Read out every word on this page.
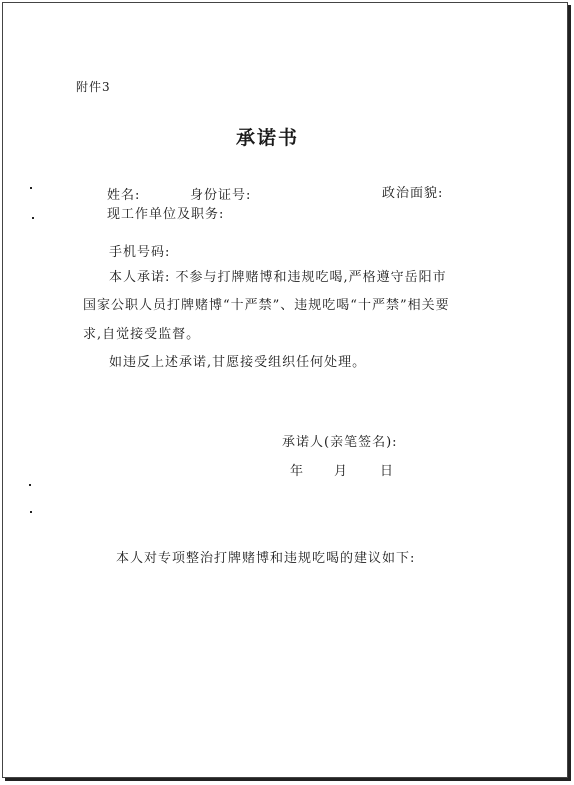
附件3
承诺书
姓名:	身份证号:	政治面貌:
现工作单位及职务:
手机号码:
本人承诺: 不参与打牌赌博和违规吃喝,严格遵守岳阳市
国家公职人员打牌赌博“十严禁”、违规吃喝“十严禁”相关要
求,自觉接受监督。
如违反上述承诺,甘愿接受组织任何处理。
承诺人(亲笔签名):
年 月 日
本人对专项整治打牌赌博和违规吃喝的建议如下:
